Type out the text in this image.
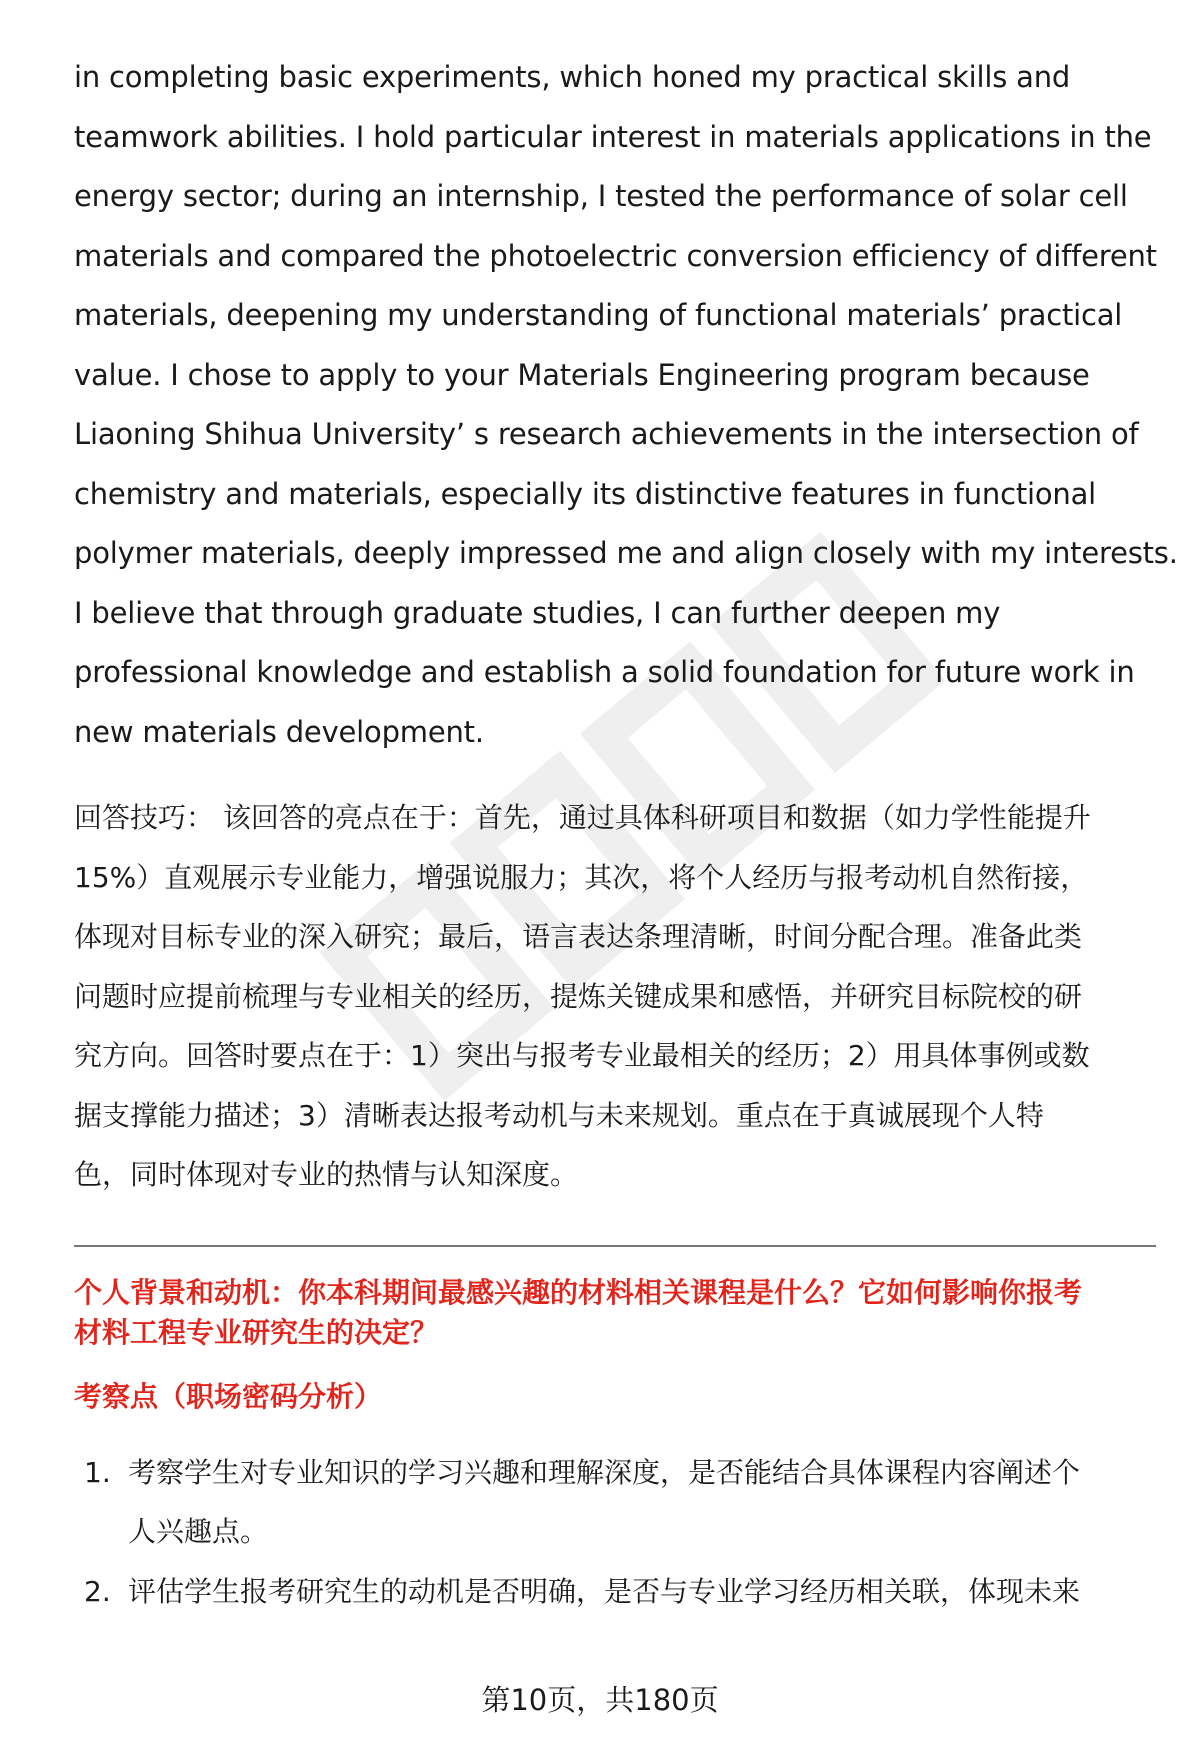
in completing basic experiments, which honed my practical skills and
teamwork abilities. I hold particular interest in materials applications in the
energy sector; during an internship, I tested the performance of solar cell
materials and compared the photoelectric conversion efficiency of different
materials, deepening my understanding of functional materials’ practical
value. I chose to apply to your Materials Engineering program because
Liaoning Shihua University’ s research achievements in the intersection of
chemistry and materials, especially its distinctive features in functional
polymer materials, deeply impressed me and align closely with my interests.
I believe that through graduate studies, I can further deepen my
professional knowledge and establish a solid foundation for future work in
new materials development.
回答技巧： 该回答的亮点在于：首先，通过具体科研项目和数据（如力学性能提升
15%）直观展示专业能力，增强说服力；其次，将个人经历与报考动机自然衔接，
体现对目标专业的深入研究；最后，语言表达条理清晰，时间分配合理。准备此类
问题时应提前梳理与专业相关的经历，提炼关键成果和感悟，并研究目标院校的研
究方向。回答时要点在于：1）突出与报考专业最相关的经历；2）用具体事例或数
据支撑能力描述；3）清晰表达报考动机与未来规划。重点在于真诚展现个人特
色，同时体现对专业的热情与认知深度。
个人背景和动机：你本科期间最感兴趣的材料相关课程是什么？它如何影响你报考
材料工程专业研究生的决定？
考察点（职场密码分析）
1. 考察学生对专业知识的学习兴趣和理解深度，是否能结合具体课程内容阐述个
人兴趣点。
2. 评估学生报考研究生的动机是否明确，是否与专业学习经历相关联，体现未来
第10页，共180页
